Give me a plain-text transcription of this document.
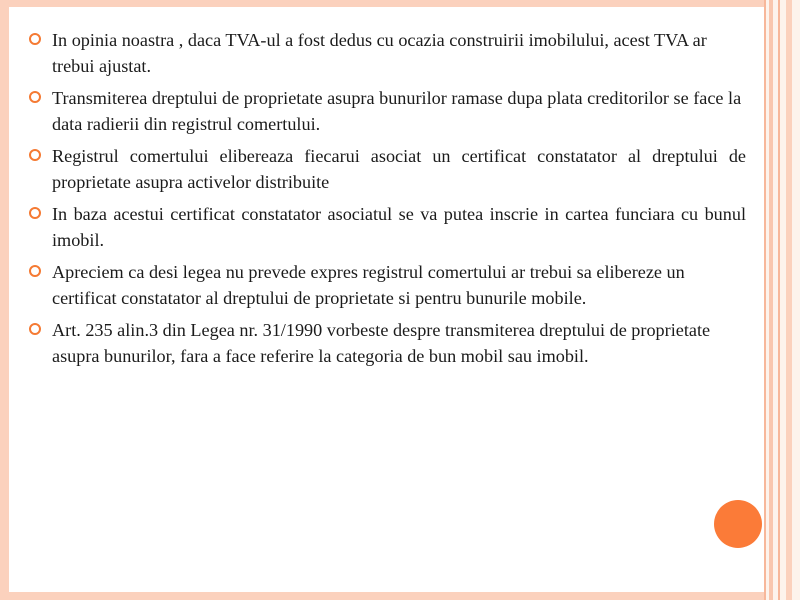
In opinia noastra , daca TVA-ul a fost dedus cu ocazia construirii imobilului, acest TVA ar trebui ajustat.
Transmiterea dreptului de proprietate asupra bunurilor ramase dupa plata creditorilor se face la data radierii din registrul comertului.
Registrul comertului elibereaza fiecarui asociat un certificat constatator al dreptului de proprietate asupra activelor distribuite
In baza acestui certificat constatator asociatul se va putea inscrie in cartea funciara cu bunul imobil.
Apreciem ca desi legea nu prevede expres registrul comertului ar trebui sa elibereze un certificat constatator al dreptului de proprietate si pentru bunurile mobile.
Art. 235 alin.3 din Legea nr. 31/1990 vorbeste despre transmiterea dreptului de proprietate asupra bunurilor, fara a face referire la categoria de bun mobil sau imobil.
